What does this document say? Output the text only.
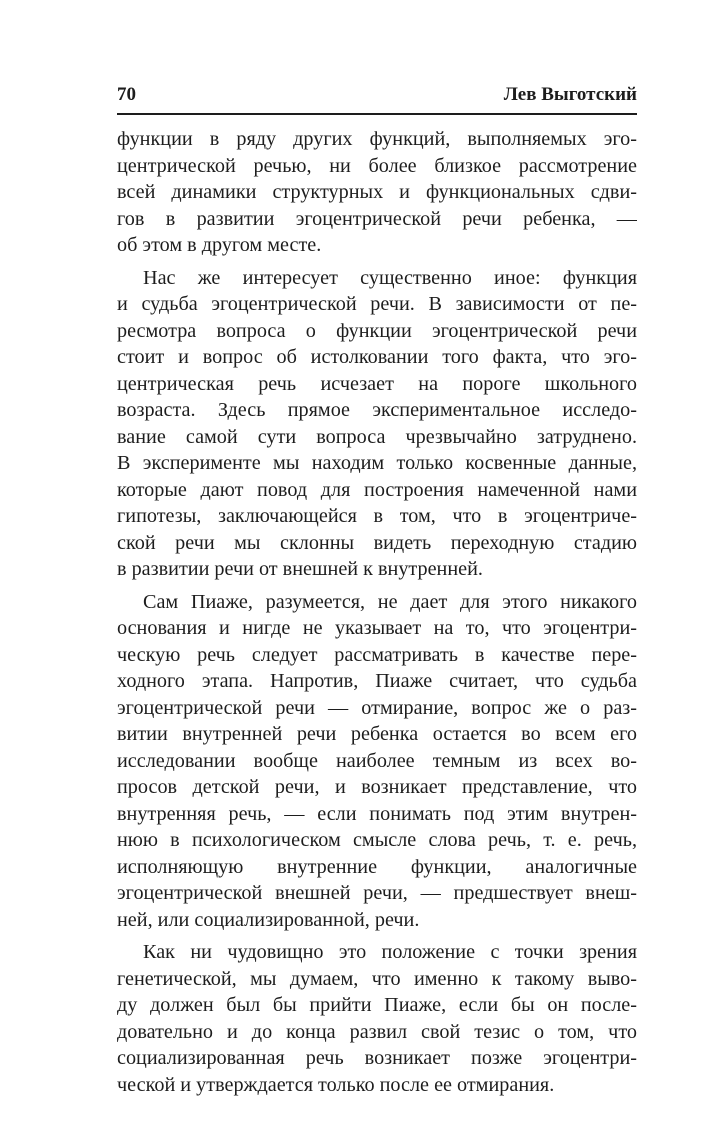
70	Лев Выготский
функции в ряду других функций, выполняемых эго-
центрической речью, ни более близкое рассмотрение
всей динамики структурных и функциональных сдви-
гов в развитии эгоцентрической речи ребенка, —
об этом в другом месте.
Нас же интересует существенно иное: функция
и судьба эгоцентрической речи. В зависимости от пе-
ресмотра вопроса о функции эгоцентрической речи
стоит и вопрос об истолковании того факта, что эго-
центрическая речь исчезает на пороге школьного
возраста. Здесь прямое экспериментальное исследо-
вание самой сути вопроса чрезвычайно затруднено.
В эксперименте мы находим только косвенные данные,
которые дают повод для построения намеченной нами
гипотезы, заключающейся в том, что в эгоцентриче-
ской речи мы склонны видеть переходную стадию
в развитии речи от внешней к внутренней.
Сам Пиаже, разумеется, не дает для этого никакого
основания и нигде не указывает на то, что эгоцентри-
ческую речь следует рассматривать в качестве пере-
ходного этапа. Напротив, Пиаже считает, что судьба
эгоцентрической речи — отмирание, вопрос же о раз-
витии внутренней речи ребенка остается во всем его
исследовании вообще наиболее темным из всех во-
просов детской речи, и возникает представление, что
внутренняя речь, — если понимать под этим внутрен-
нюю в психологическом смысле слова речь, т. е. речь,
исполняющую внутренние функции, аналогичные
эгоцентрической внешней речи, — предшествует внеш-
ней, или социализированной, речи.
Как ни чудовищно это положение с точки зрения
генетической, мы думаем, что именно к такому выво-
ду должен был бы прийти Пиаже, если бы он после-
довательно и до конца развил свой тезис о том, что
социализированная речь возникает позже эгоцентри-
ческой и утверждается только после ее отмирания.
